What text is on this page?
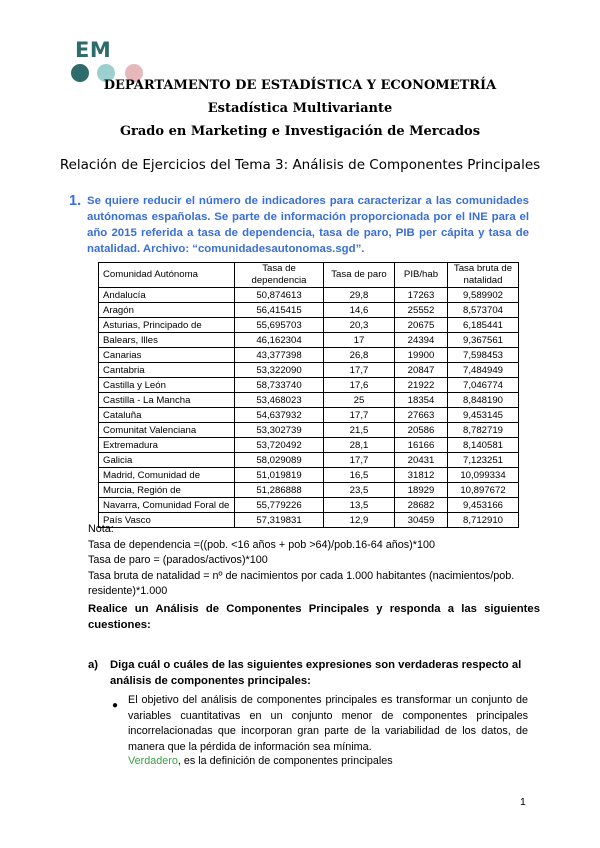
EM
DEPARTAMENTO DE ESTADÍSTICA Y ECONOMETRÍA
Estadística Multivariante
Grado en Marketing e Investigación de Mercados
Relación de Ejercicios del Tema 3: Análisis de Componentes Principales
1. Se quiere reducir el número de indicadores para caracterizar a las comunidades autónomas españolas. Se parte de información proporcionada por el INE para el año 2015 referida a tasa de dependencia, tasa de paro, PIB per cápita y tasa de natalidad. Archivo: “comunidadesautonomas.sgd”.
Comunidad Autónoma	Tasa de dependencia	Tasa de paro	PIB/hab	Tasa bruta de natalidad
Andalucía	50,874613	29,8	17263	9,589902
Aragón	56,415415	14,6	25552	8,573704
Asturias, Principado de	55,695703	20,3	20675	6,185441
Balears, Illes	46,162304	17	24394	9,367561
Canarias	43,377398	26,8	19900	7,598453
Cantabria	53,322090	17,7	20847	7,484949
Castilla y León	58,733740	17,6	21922	7,046774
Castilla - La Mancha	53,468023	25	18354	8,848190
Cataluña	54,637932	17,7	27663	9,453145
Comunitat Valenciana	53,302739	21,5	20586	8,782719
Extremadura	53,720492	28,1	16166	8,140581
Galicia	58,029089	17,7	20431	7,123251
Madrid, Comunidad de	51,019819	16,5	31812	10,099334
Murcia, Región de	51,286888	23,5	18929	10,897672
Navarra, Comunidad Foral de	55,779226	13,5	28682	9,453166
País Vasco	57,319831	12,9	30459	8,712910
Nota:
Tasa de dependencia =((pob. <16 años + pob >64)/pob.16-64 años)*100
Tasa de paro = (parados/activos)*100
Tasa bruta de natalidad = nº de nacimientos por cada 1.000 habitantes (nacimientos/pob. residente)*1.000
Realice un Análisis de Componentes Principales y responda a las siguientes cuestiones:
a) Diga cuál o cuáles de las siguientes expresiones son verdaderas respecto al análisis de componentes principales:
● El objetivo del análisis de componentes principales es transformar un conjunto de variables cuantitativas en un conjunto menor de componentes principales incorrelacionadas que incorporan gran parte de la variabilidad de los datos, de manera que la pérdida de información sea mínima.
Verdadero, es la definición de componentes principales
1
